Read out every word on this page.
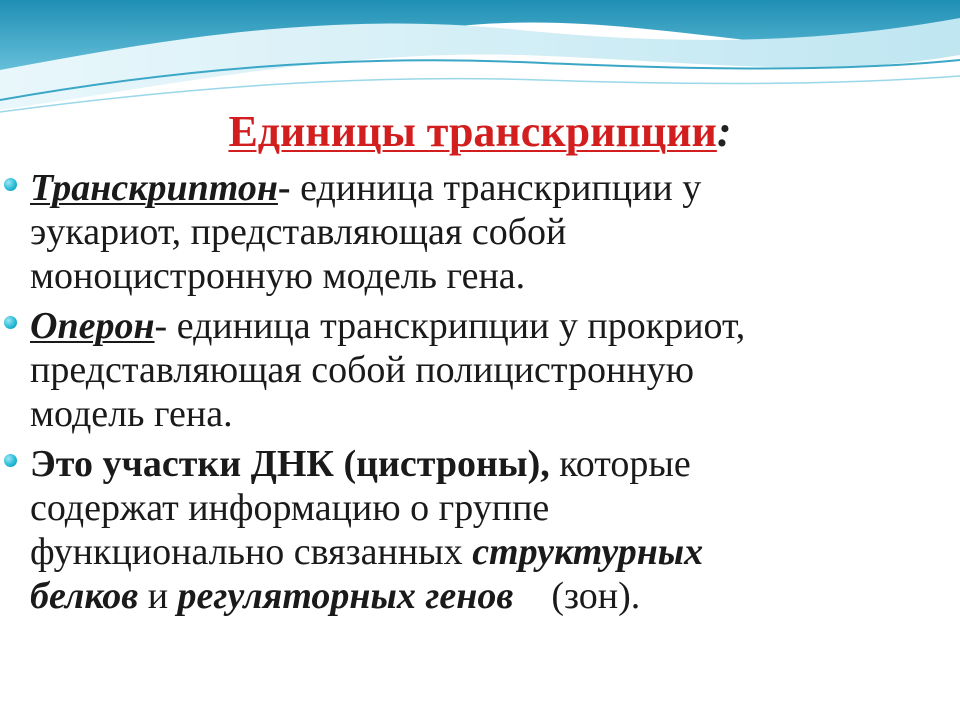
Единицы транскрипции:
Транскриптон- единица транскрипции у
эукариот, представляющая собой
моноцистронную модель гена.
Оперон- единица транскрипции у прокриот,
представляющая собой полицистронную
модель гена.
Это участки ДНК (цистроны), которые
содержат информацию о группе
функционально связанных структурных
белков и регуляторных генов    (зон).
